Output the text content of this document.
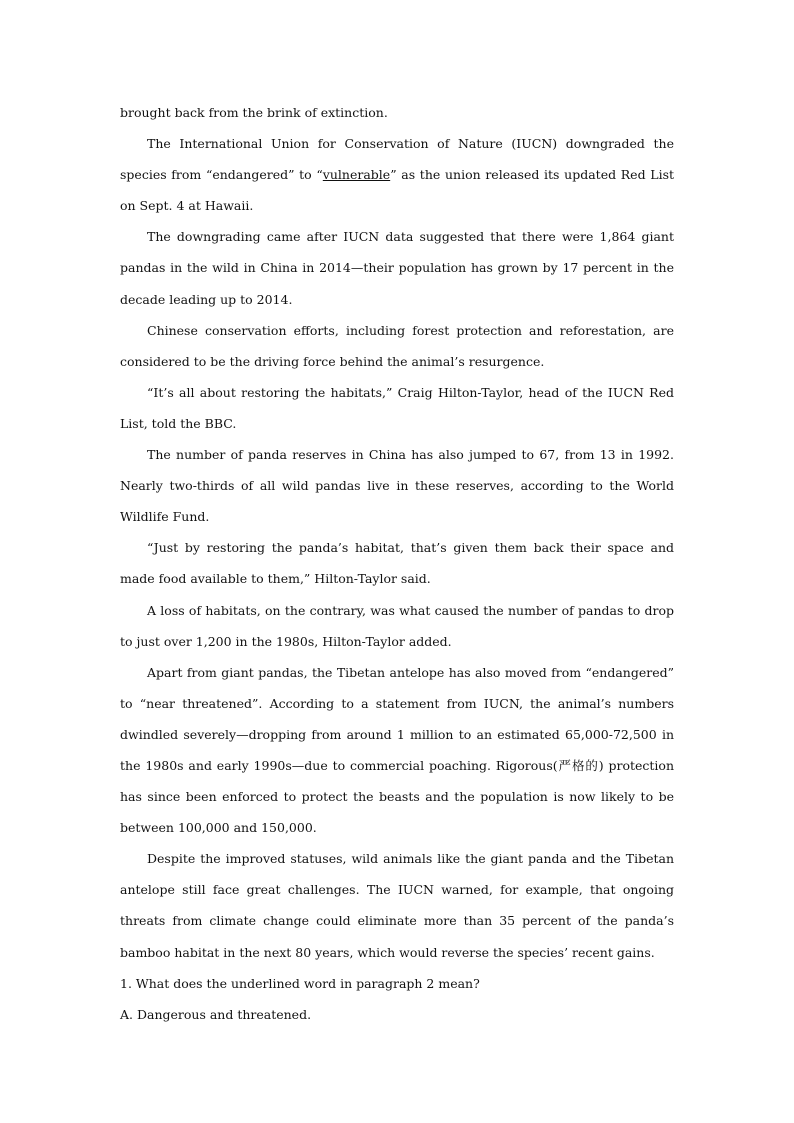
brought back from the brink of extinction.

The International Union for Conservation of Nature (IUCN) downgraded the species from “endangered” to “vulnerable” as the union released its updated Red List on Sept. 4 at Hawaii.

The downgrading came after IUCN data suggested that there were 1,864 giant pandas in the wild in China in 2014—their population has grown by 17 percent in the decade leading up to 2014.

Chinese conservation efforts, including forest protection and reforestation, are considered to be the driving force behind the animal’s resurgence.

“It’s all about restoring the habitats,” Craig Hilton-Taylor, head of the IUCN Red List, told the BBC.

The number of panda reserves in China has also jumped to 67, from 13 in 1992. Nearly two-thirds of all wild pandas live in these reserves, according to the World Wildlife Fund.

“Just by restoring the panda’s habitat, that’s given them back their space and made food available to them,” Hilton-Taylor said.

A loss of habitats, on the contrary, was what caused the number of pandas to drop to just over 1,200 in the 1980s, Hilton-Taylor added.

Apart from giant pandas, the Tibetan antelope has also moved from “endangered” to “near threatened”. According to a statement from IUCN, the animal’s numbers dwindled severely—dropping from around 1 million to an estimated 65,000-72,500 in the 1980s and early 1990s—due to commercial poaching. Rigorous(严格的) protection has since been enforced to protect the beasts and the population is now likely to be between 100,000 and 150,000.

Despite the improved statuses, wild animals like the giant panda and the Tibetan antelope still face great challenges. The IUCN warned, for example, that ongoing threats from climate change could eliminate more than 35 percent of the panda’s bamboo habitat in the next 80 years, which would reverse the species’ recent gains.

1. What does the underlined word in paragraph 2 mean?

A. Dangerous and threatened.
